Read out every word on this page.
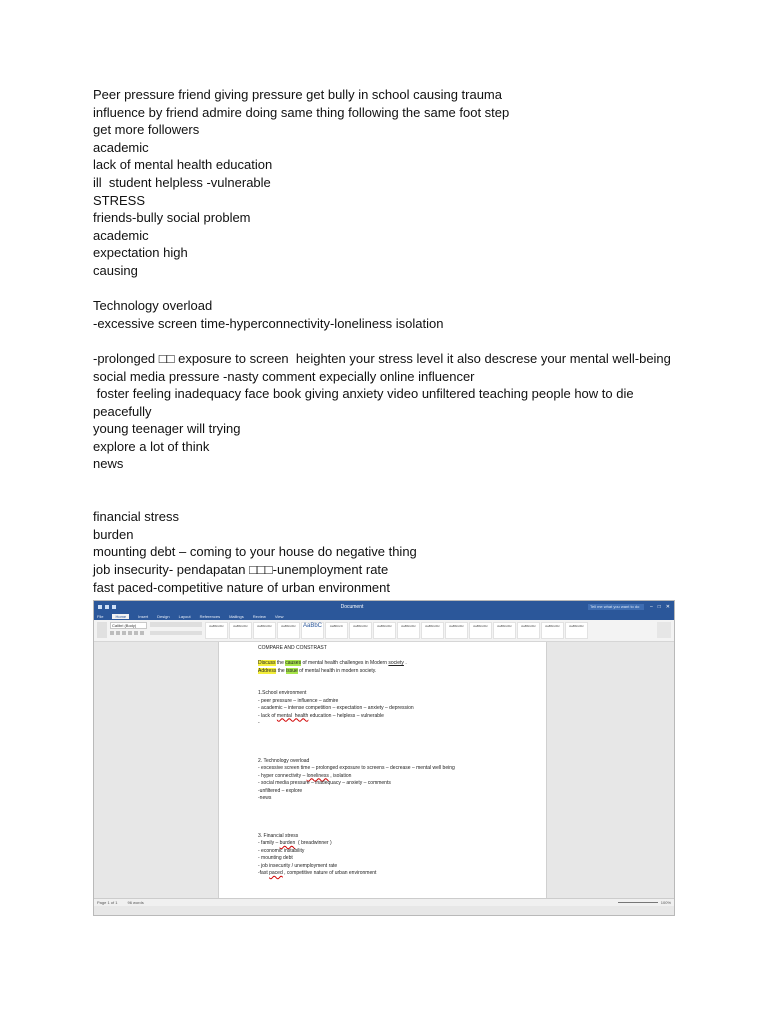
Peer pressure friend giving pressure get bully in school causing trauma
influence by friend admire doing same thing following the same foot step
get more followers
academic
lack of mental health education
ill  student helpless -vulnerable
STRESS
friends-bully social problem
academic
expectation high
causing
Technology overload
-excessive screen time-hyperconnectivity-loneliness isolation
-prolonged □□ exposure to screen  heighten your stress level it also descrese your mental well-being
social media pressure -nasty comment expecially online influencer
foster feeling inadequacy face book giving anxiety video unfiltered teaching people how to die
peacefully
young teenager will trying
explore a lot of think
news
financial stress
burden
mounting debt – coming to your house do negative thing
job insecurity- pendapatan □□□-unemployment rate
fast paced-competitive nature of urban environment
Document	Tell me what you want to do	– □ ✕
File	Home	Insert Design Layout References Mailings Review View
Calibri (Body)	AaBbCcDc	AaBbCcDc	AaBbCcDc	AaBbCcDc	AaBbC	AaBbCcC	AaBbCcDc	AaBbCcDc	AaBbCcDc	AaBbCcDc	AaBbCcDc	AaBbCcDc	AaBbCcDc	AaBbCcDc	AaBbCcDc	AaBbCcDc
COMPARE AND CONSTRAST
Discuss the causes of mental health challenges in Modern society .
Address the issue of mental health in modern society.
1.School environment
- peer pressure – influence – admire
- academic – intense competition – expectation – anxiety – depression
- lack of mental  health education – helpless – vulnerable
-
2. Technology overload
- excessive screen time – prolonged exposure to screens – decrease – mental well being
- hyper connectivity – loneliness , isolation
- social media pressure – inadequacy – anxiety – comments
-unfiltered – explore
-news
3. Financial stress
- family – burden  ( breadwinner )
- economic instability
- mounting debt
- job insecurity / unemployment rate
-fast paced , competitive nature of urban environment
Page 1 of 1	96 words	100%
